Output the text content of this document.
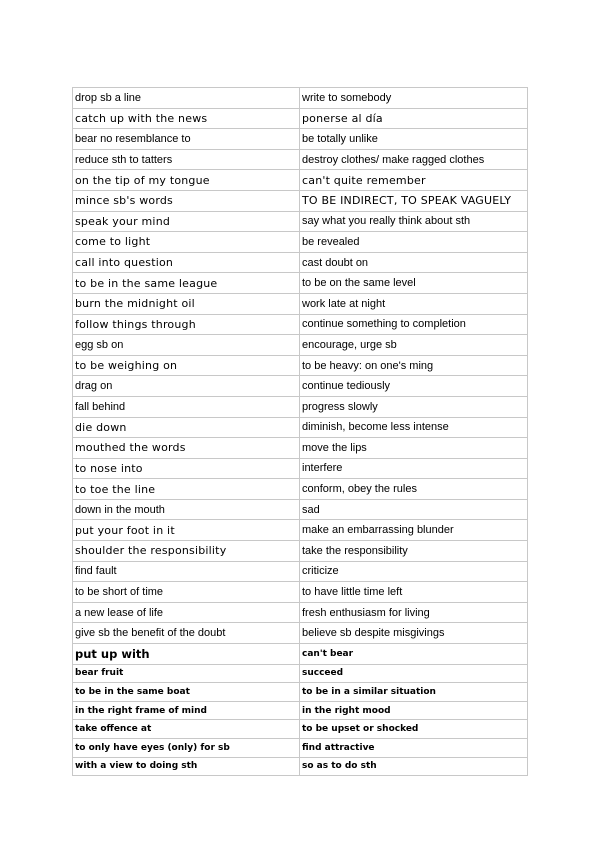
drop sb a line	write to somebody
catch up with the news	ponerse al día
bear no resemblance to	be totally unlike
reduce sth to tatters	destroy clothes/ make ragged clothes
on the tip of my tongue	can't quite remember
mince sb's words	TO BE INDIRECT, TO SPEAK VAGUELY
speak your mind	say what you really think about sth
come to light	be revealed
call into question	cast doubt on
to be in the same league	to be on the same level
burn the midnight oil	work late at night
follow things through	continue something to completion
egg sb on	encourage, urge sb
to be weighing on	to be heavy: on one's ming
drag on	continue tediously
fall behind	progress slowly
die down	diminish, become less intense
mouthed the words	move the lips
to nose into	interfere
to toe the line	conform, obey the rules
down in the mouth	sad
put your foot in it	make an embarrassing blunder
shoulder the responsibility	take the responsibility
find fault	criticize
to be short of time	to have little time left
a new lease of life	fresh enthusiasm for living
give sb the benefit of the doubt	believe sb despite misgivings
put up with	can't bear
bear fruit	succeed
to be in the same boat	to be in a similar situation
in the right frame of mind	in the right mood
take offence at	to be upset or shocked
to only have eyes (only) for sb	find attractive
with a view to doing sth	so as to do sth
